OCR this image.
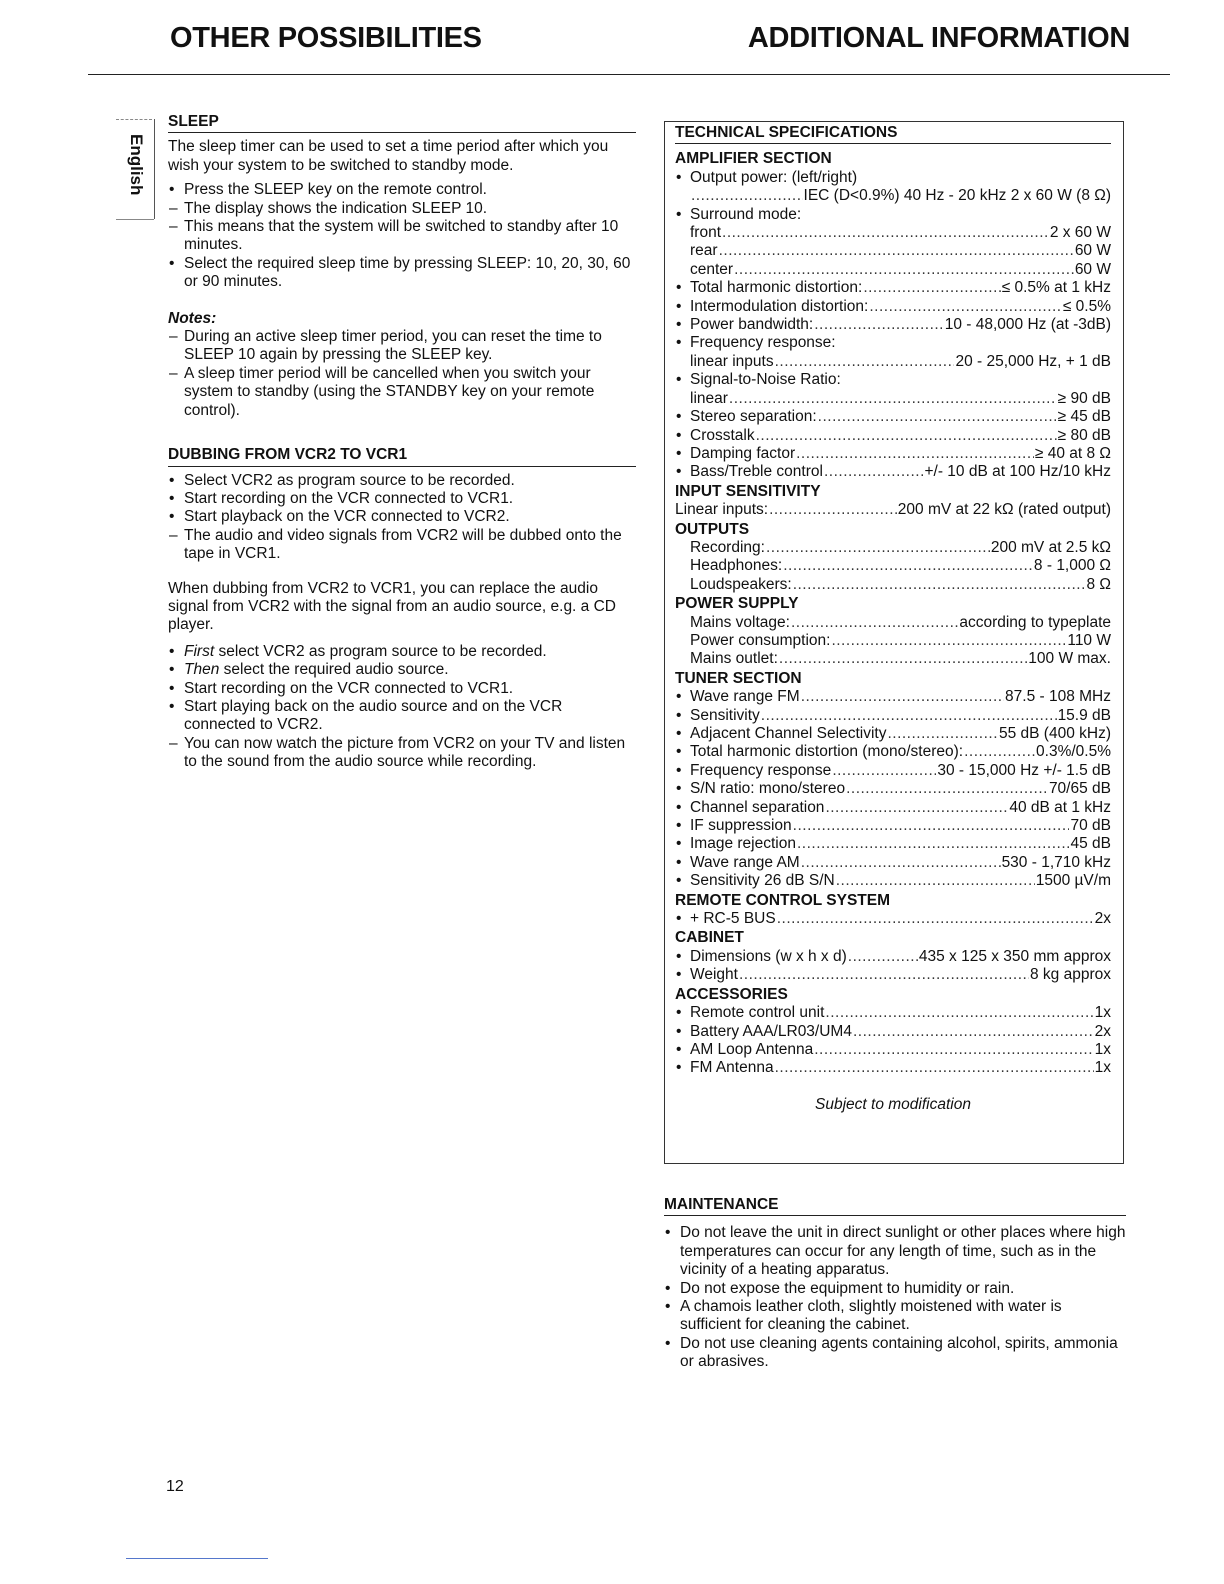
OTHER POSSIBILITIES	ADDITIONAL INFORMATION
English
SLEEP

The sleep timer can be used to set a time period after which you wish your system to be switched to standby mode.

• Press the SLEEP key on the remote control.
– The display shows the indication SLEEP 10.
– This means that the system will be switched to standby after 10 minutes.
• Select the required sleep time by pressing SLEEP: 10, 20, 30, 60 or 90 minutes.
Notes:
– During an active sleep timer period, you can reset the time to SLEEP 10 again by pressing the SLEEP key.
– A sleep timer period will be cancelled when you switch your system to standby (using the STANDBY key on your remote control).
DUBBING FROM VCR2 TO VCR1
• Select VCR2 as program source to be recorded.
• Start recording on the VCR connected to VCR1.
• Start playback on the VCR connected to VCR2.
– The audio and video signals from VCR2 will be dubbed onto the tape in VCR1.

When dubbing from VCR2 to VCR1, you can replace the audio signal from VCR2 with the signal from an audio source, e.g. a CD player.

• First select VCR2 as program source to be recorded.
• Then select the required audio source.
• Start recording on the VCR connected to VCR1.
• Start playing back on the audio source and on the VCR connected to VCR2.
– You can now watch the picture from VCR2 on your TV and listen to the sound from the audio source while recording.
TECHNICAL SPECIFICATIONS
AMPLIFIER SECTION
• Output power: (left/right)
.....
IEC (D<0.9%) 40 Hz - 20 kHz 2 x 60 W (8 Ω)
• Surround mode:
front .....	2 x 60 W
rear .....	60 W
center .....	60 W
• Total harmonic distortion: .....	≤ 0.5% at 1 kHz
• Intermodulation distortion: .....	≤ 0.5%
• Power bandwidth: .....	10 - 48,000 Hz (at -3dB)
• Frequency response:
linear inputs .....	20 - 25,000 Hz, + 1 dB
• Signal-to-Noise Ratio:
linear .....	≥ 90 dB
• Stereo separation: .....	≥ 45 dB
• Crosstalk .....	≥ 80 dB
• Damping factor .....	≥ 40 at 8 Ω
• Bass/Treble control .....	+/- 10 dB at 100 Hz/10 kHz
INPUT SENSITIVITY
Linear inputs: .....	200 mV at 22 kΩ (rated output)
OUTPUTS
Recording: .....	200 mV at 2.5 kΩ
Headphones: .....	8 - 1,000 Ω
Loudspeakers: .....	8 Ω
POWER SUPPLY
Mains voltage: .....	according to typeplate
Power consumption: .....	110 W
Mains outlet: .....	100 W max.
TUNER SECTION
• Wave range FM .....	87.5 - 108 MHz
• Sensitivity .....	15.9 dB
• Adjacent Channel Selectivity .....	55 dB (400 kHz)
• Total harmonic distortion (mono/stereo): .....	0.3%/0.5%
• Frequency response .....	30 - 15,000 Hz +/- 1.5 dB
• S/N ratio: mono/stereo .....	70/65 dB
• Channel separation .....	40 dB at 1 kHz
• IF suppression .....	70 dB
• Image rejection .....	45 dB
• Wave range AM .....	530 - 1,710 kHz
• Sensitivity 26 dB S/N .....	1500 µV/m
REMOTE CONTROL SYSTEM
• + RC-5 BUS .....	2x
CABINET
• Dimensions (w x h x d) .....	435 x 125 x 350 mm approx
• Weight .....	8 kg approx
ACCESSORIES
• Remote control unit .....	1x
• Battery AAA/LR03/UM4 .....	2x
• AM Loop Antenna .....	1x
• FM Antenna .....	1x
Subject to modification
MAINTENANCE
• Do not leave the unit in direct sunlight or other places where high temperatures can occur for any length of time, such as in the vicinity of a heating apparatus.
• Do not expose the equipment to humidity or rain.
• A chamois leather cloth, slightly moistened with water is sufficient for cleaning the cabinet.
• Do not use cleaning agents containing alcohol, spirits, ammonia or abrasives.
12
